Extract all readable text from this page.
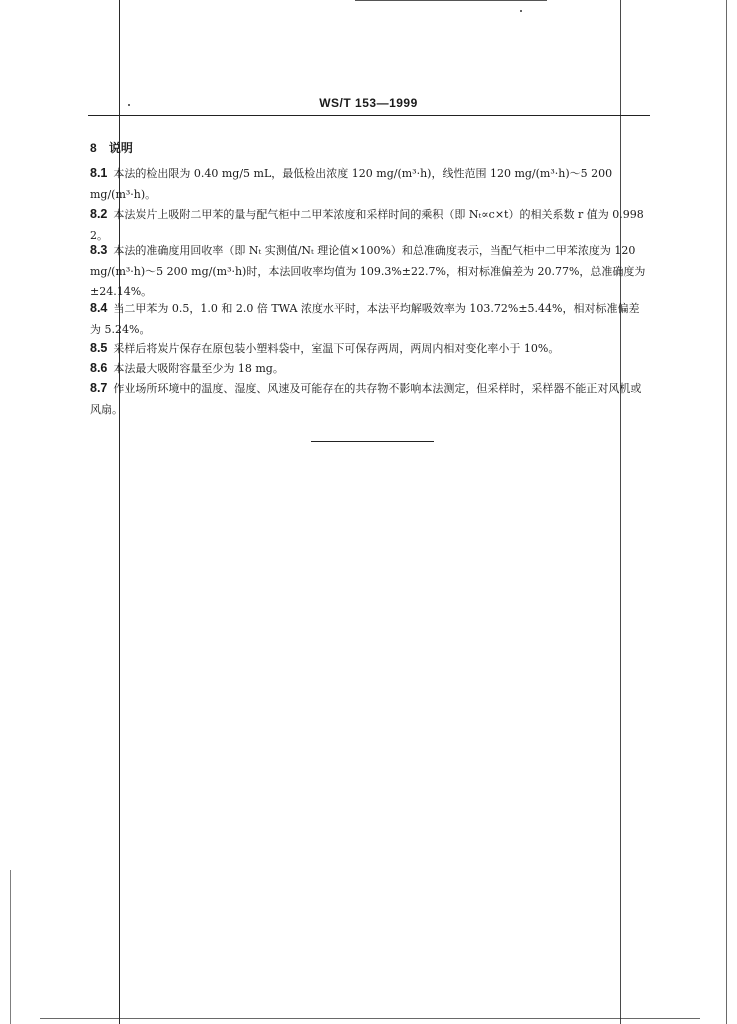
WS/T 153—1999
8 说明
8.1 本法的检出限为 0.40 mg/5 mL，最低检出浓度 120 mg/(m³·h)，线性范围 120 mg/(m³·h)～5 200 mg/(m³·h)。
8.2 本法炭片上吸附二甲苯的量与配气柜中二甲苯浓度和采样时间的乘积（即 Nₜ∝c×t）的相关系数 r 值为 0.998 2。
8.3 本法的准确度用回收率（即 Nₜ 实测值/Nₜ 理论值×100%）和总准确度表示，当配气柜中二甲苯浓度为 120 mg/(m³·h)～5 200 mg/(m³·h)时，本法回收率均值为 109.3%±22.7%，相对标准偏差为 20.77%，总准确度为±24.14%。
8.4 当二甲苯为 0.5，1.0 和 2.0 倍 TWA 浓度水平时，本法平均解吸效率为 103.72%±5.44%，相对标准偏差为 5.24%。
8.5 采样后将炭片保存在原包装小塑料袋中，室温下可保存两周，两周内相对变化率小于 10%。
8.6 本法最大吸附容量至少为 18 mg。
8.7 作业场所环境中的温度、湿度、风速及可能存在的共存物不影响本法测定，但采样时，采样器不能正对风机或风扇。
